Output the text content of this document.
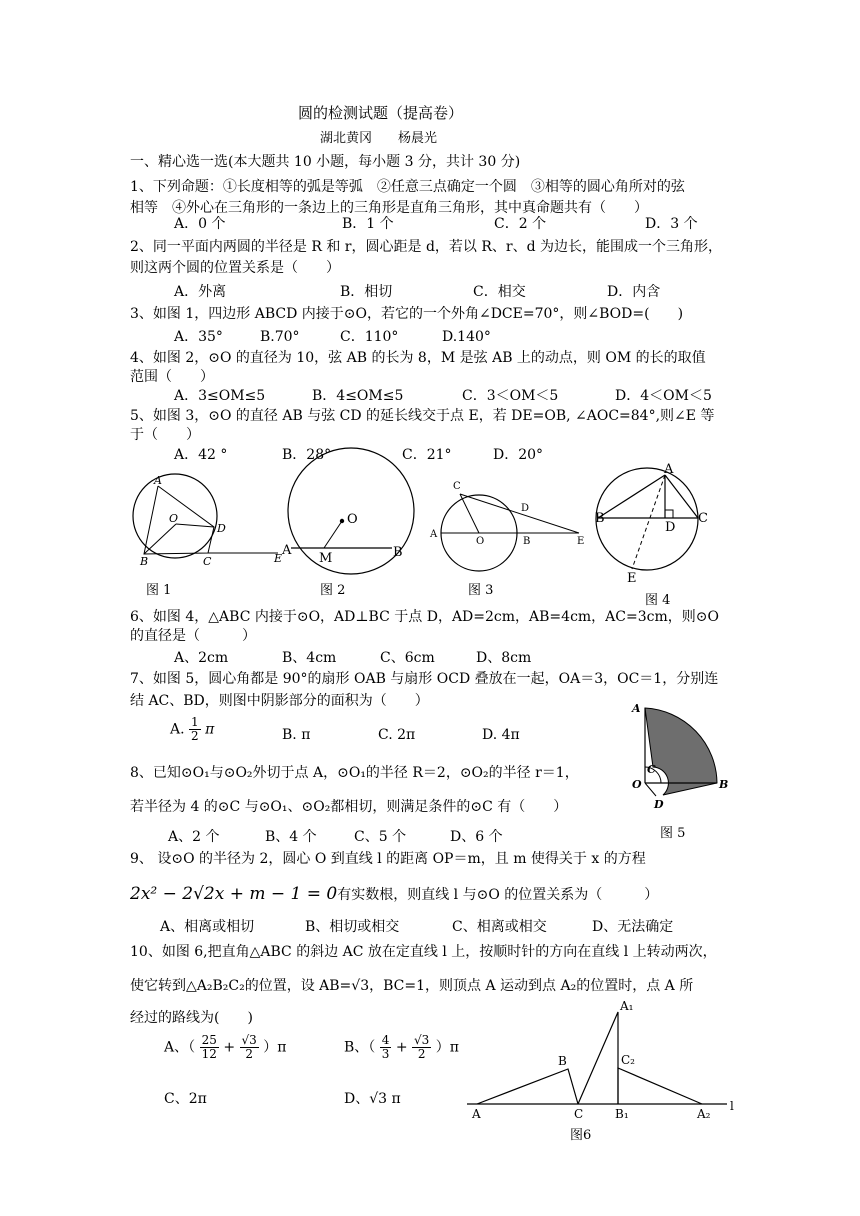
圆的检测试题（提高卷）
湖北黄冈　　杨晨光
一、精心选一选(本大题共 10 小题，每小题 3 分，共计 30 分)
1、下列命题：①长度相等的弧是等弧　②任意三点确定一个圆　③相等的圆心角所对的弦
相等　④外心在三角形的一条边上的三角形是直角三角形，其中真命题共有（　　）
A．0 个	B．1 个	C．2 个	D．3 个
2、同一平面内两圆的半径是 R 和 r，圆心距是 d，若以 R、r、d 为边长，能围成一个三角形，
则这两个圆的位置关系是（　　）
A．外离	B．相切	C．相交	D．内含
3、如图 1，四边形 ABCD 内接于⊙O，若它的一个外角∠DCE=70°，则∠BOD=(　　)
A．35°	B.70°	C．110°	D.140°
4、如图 2，⊙O 的直径为 10，弦 AB 的长为 8，M 是弦 AB 上的动点，则 OM 的长的取值
范围（　　）
A．3≤OM≤5	B．4≤OM≤5	C．3＜OM＜5	D．4＜OM＜5
5、如图 3，⊙O 的直径 AB 与弦 CD 的延长线交于点 E，若 DE=OB, ∠AOC=84°,则∠E 等
于（　　）
A．42 °	B．28°	C．21°	D．20°
A
O
D
B	C	E
图 1
O
A
M	B
图 2
C
D
A
O	B	E
图 3
A
B
D
C
E
图 4
6、如图 4，△ABC 内接于⊙O，AD⊥BC 于点 D，AD=2cm，AB=4cm，AC=3cm，则⊙O
的直径是（　　　）
A、2cm	B、4cm	C、6cm	D、8cm
7、如图 5，圆心角都是 90°的扇形 OAB 与扇形 OCD 叠放在一起，OA＝3，OC＝1，分别连
结 AC、BD，则图中阴影部分的面积为（　　）
A. $\frac{1}{2}$ π	B. π	C. 2π	D. 4π
A
C
O
D
B
图 5
8、已知⊙O₁与⊙O₂外切于点 A，⊙O₁的半径 R＝2，⊙O₂的半径 r＝1，
若半径为 4 的⊙C 与⊙O₁、⊙O₂都相切，则满足条件的⊙C 有（　　）
A、2 个	B、4 个	C、5 个	D、6 个
9、 设⊙O 的半径为 2，圆心 O 到直线 l 的距离 OP＝m，且 m 使得关于 x 的方程
2x² − 2√2x + m − 1 = 0有实数根，则直线 l 与⊙O 的位置关系为（　　　）
A、相离或相切	B、相切或相交	C、相离或相交	D、无法确定
10、如图 6,把直角△ABC 的斜边 AC 放在定直线 l 上，按顺时针的方向在直线 l 上转动两次，
使它转到△A₂B₂C₂的位置，设 AB=√3，BC=1，则顶点 A 运动到点 A₂的位置时，点 A 所
经过的路线为(　　)
A、（ $\frac{25}{12} + \frac{√3}{2} )\pi$	B、（ $\frac{4}{3} + \frac{√3}{2} )\pi$
C、2π	D、√3 π
A₁
B	C₂
A	C	B₁	A₂
l
图6
